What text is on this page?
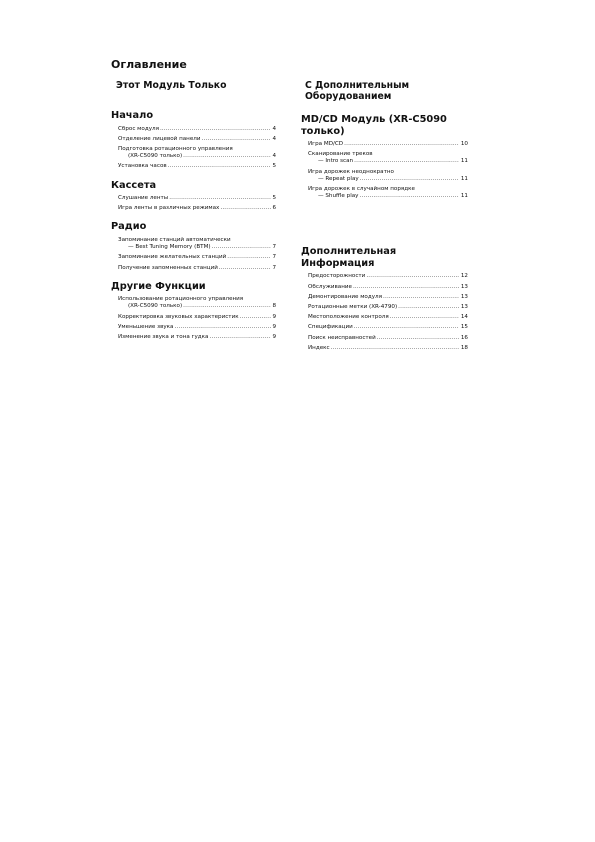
Оглавление
Этот Модуль Только
Начало
Сброс модуля .....	4
Отделение лицевой панели .....	4
Подготовка ротационного управления
(XR-C5090 только) .....	4
Установка часов .....	5
Кассета
Слушание ленты .....	5
Игра ленты в различных режимах .....	6
Радио
Запоминание станций автоматически
— Best Tuning Memory (BTM) .....	7
Запоминание желательных станций .....	7
Получение запомненных станций .....	7
Другие Функции
Использование ротационного управления
(XR-C5090 только) .....	8
Корректировка звуковых характеристик .....	9
Уменьшение звука .....	9
Изменение звука и тона гудка .....	9
С Дополнительным
Оборудованием
MD/CD Модуль (XR-C5090
только)
Игра MD/CD .....	10
Сканирование треков
— Intro scan .....	11
Игра дорожек неоднократно
— Repeat play .....	11
Игра дорожек в случайном порядке
— Shuffle play .....	11
Дополнительная Информация
Предосторожности .....	12
Обслуживание .....	13
Демонтирование модуля .....	13
Ротационные метки (XR-4790) .....	13
Местоположение контроля .....	14
Спецификации .....	15
Поиск неисправностей .....	16
Индекс .....	18
